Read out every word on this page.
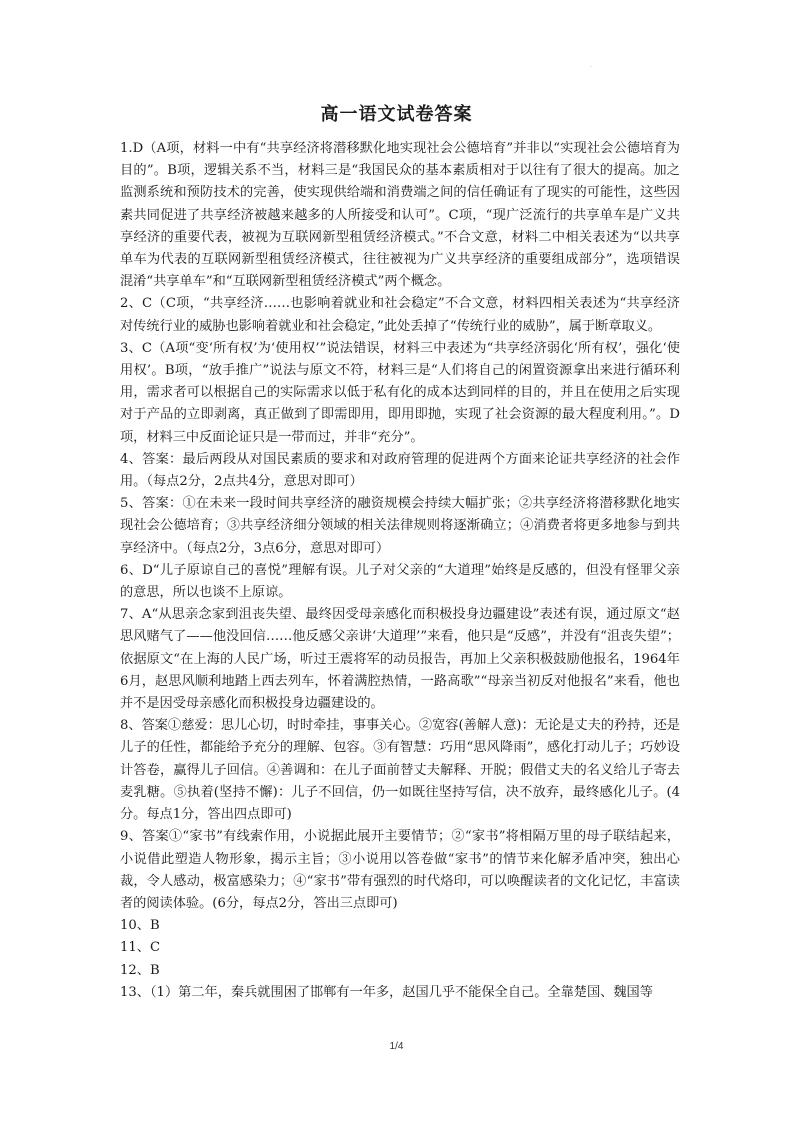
·
高一语文试卷答案

1.D（A项，材料一中有“共享经济将潜移默化地实现社会公德培育”并非以“实现社会公德培育为目的”。B项，逻辑关系不当，材料三是“我国民众的基本素质相对于以往有了很大的提高。加之监测系统和预防技术的完善，使实现供给端和消费端之间的信任确证有了现实的可能性，这些因素共同促进了共享经济被越来越多的人所接受和认可”。C项，“现广泛流行的共享单车是广义共享经济的重要代表，被视为互联网新型租赁经济模式。”不合文意，材料二中相关表述为“以共享单车为代表的互联网新型租赁经济模式，往往被视为广义共享经济的重要组成部分”，选项错误混淆“共享单车”和“互联网新型租赁经济模式”两个概念。

2、C（C项，“共享经济……也影响着就业和社会稳定”不合文意，材料四相关表述为“共享经济对传统行业的威胁也影响着就业和社会稳定，”此处丢掉了“传统行业的威胁”，属于断章取义。

3、C（A项“变‘所有权’为‘使用权’”说法错误，材料三中表述为“共享经济弱化‘所有权’，强化‘使用权’。B项，“放手推广”说法与原文不符，材料三是“人们将自己的闲置资源拿出来进行循环利用，需求者可以根据自己的实际需求以低于私有化的成本达到同样的目的，并且在使用之后实现对于产品的立即剥离，真正做到了即需即用，即用即抛，实现了社会资源的最大程度利用。”。D项，材料三中反面论证只是一带而过，并非“充分”。

4、答案：最后两段从对国民素质的要求和对政府管理的促进两个方面来论证共享经济的社会作用。（每点2分，2点共4分，意思对即可）

5、答案：①在未来一段时间共享经济的融资规模会持续大幅扩张；②共享经济将潜移默化地实现社会公德培育；③共享经济细分领域的相关法律规则将逐渐确立；④消费者将更多地参与到共享经济中。（每点2分，3点6分，意思对即可）

6、D“儿子原谅自己的喜悦”理解有误。儿子对父亲的“大道理”始终是反感的，但没有怪罪父亲的意思，所以也谈不上原谅。

7、A“从思亲念家到沮丧失望、最终因受母亲感化而积极投身边疆建设”表述有误，通过原文“赵思风赌气了——他没回信……他反感父亲讲‘大道理’”来看，他只是“反感”，并没有“沮丧失望”；依据原文“在上海的人民广场，听过王震将军的动员报告，再加上父亲积极鼓励他报名，1964年6月，赵思风顺利地踏上西去列车，怀着满腔热情，一路高歌”“母亲当初反对他报名”来看，他也并不是因受母亲感化而积极投身边疆建设的。

8、答案①慈爱：思儿心切，时时牵挂，事事关心。②宽容(善解人意)：无论是丈夫的矜持，还是儿子的任性，都能给予充分的理解、包容。③有智慧：巧用“思风降雨”，感化打动儿子；巧妙设计答卷，赢得儿子回信。④善调和：在儿子面前替丈夫解释、开脱；假借丈夫的名义给儿子寄去麦乳糖。⑤执着(坚持不懈)：儿子不回信，仍一如既往坚持写信，决不放弃，最终感化儿子。(4分。每点1分，答出四点即可)

9、答案①“家书”有线索作用，小说据此展开主要情节；②“家书”将相隔万里的母子联结起来，小说借此塑造人物形象，揭示主旨；③小说用以答卷做“家书”的情节来化解矛盾冲突，独出心裁，令人感动，极富感染力；④“家书”带有强烈的时代烙印，可以唤醒读者的文化记忆，丰富读者的阅读体验。(6分，每点2分，答出三点即可)

10、B

11、C

12、B

13、（1）第二年，秦兵就围困了邯郸有一年多，赵国几乎不能保全自己。全靠楚国、魏国等

1/4
